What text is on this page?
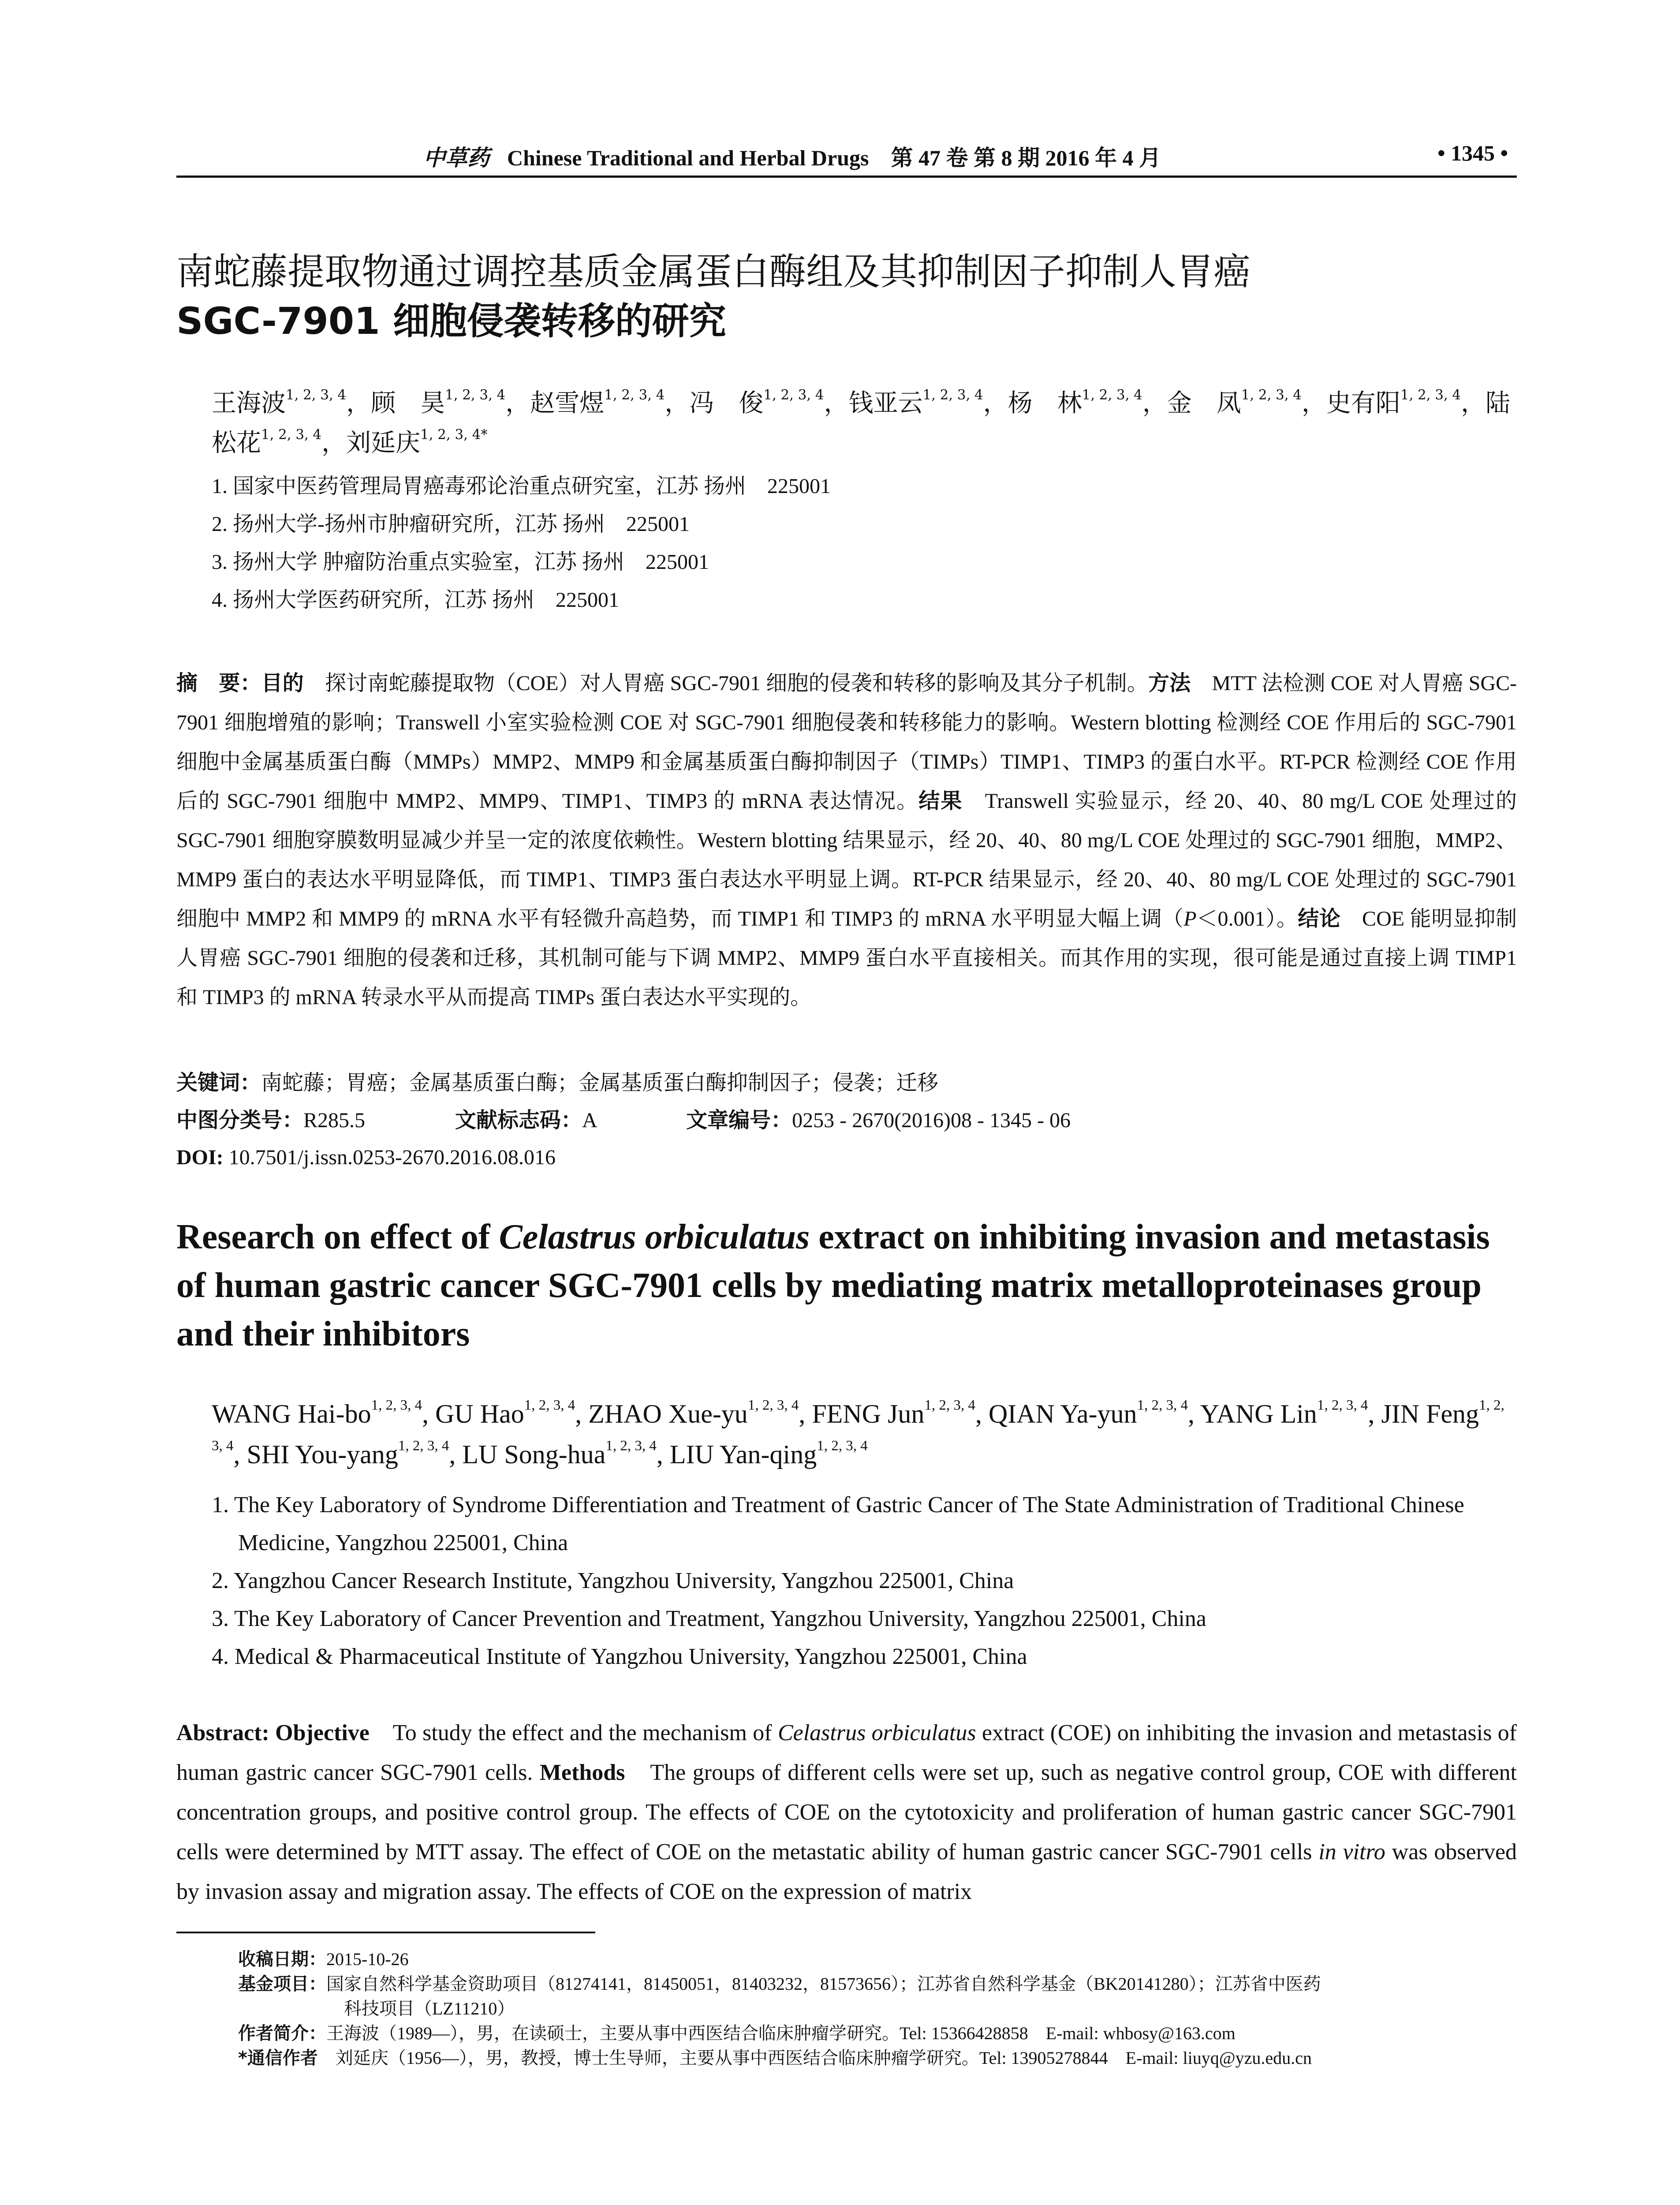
中草药 Chinese Traditional and Herbal Drugs　第 47 卷 第 8 期 2016 年 4 月	• 1345 •
南蛇藤提取物通过调控基质金属蛋白酶组及其抑制因子抑制人胃癌
SGC-7901 细胞侵袭转移的研究
王海波$^{1, 2, 3, 4}$，顾　昊$^{1, 2, 3, 4}$，赵雪煜$^{1, 2, 3, 4}$，冯　俊$^{1, 2, 3, 4}$，钱亚云$^{1, 2, 3, 4}$，杨　林$^{1, 2, 3, 4}$，金　凤$^{1, 2, 3, 4}$，史有阳$^{1, 2, 3, 4}$，陆松花$^{1, 2, 3, 4}$，刘延庆$^{1, 2, 3, 4*}$
1. 国家中医药管理局胃癌毒邪论治重点研究室，江苏 扬州　225001
2. 扬州大学-扬州市肿瘤研究所，江苏 扬州　225001
3. 扬州大学 肿瘤防治重点实验室，江苏 扬州　225001
4. 扬州大学医药研究所，江苏 扬州　225001
摘　要：目的　探讨南蛇藤提取物（COE）对人胃癌 SGC-7901 细胞的侵袭和转移的影响及其分子机制。方法　MTT 法检测 COE 对人胃癌 SGC-7901 细胞增殖的影响；Transwell 小室实验检测 COE 对 SGC-7901 细胞侵袭和转移能力的影响。Western blotting 检测经 COE 作用后的 SGC-7901 细胞中金属基质蛋白酶（MMPs）MMP2、MMP9 和金属基质蛋白酶抑制因子（TIMPs）TIMP1、TIMP3 的蛋白水平。RT-PCR 检测经 COE 作用后的 SGC-7901 细胞中 MMP2、MMP9、TIMP1、TIMP3 的 mRNA 表达情况。结果　Transwell 实验显示，经 20、40、80 mg/L COE 处理过的 SGC-7901 细胞穿膜数明显减少并呈一定的浓度依赖性。Western blotting 结果显示，经 20、40、80 mg/L COE 处理过的 SGC-7901 细胞，MMP2、MMP9 蛋白的表达水平明显降低，而 TIMP1、TIMP3 蛋白表达水平明显上调。RT-PCR 结果显示，经 20、40、80 mg/L COE 处理过的 SGC-7901 细胞中 MMP2 和 MMP9 的 mRNA 水平有轻微升高趋势，而 TIMP1 和 TIMP3 的 mRNA 水平明显大幅上调（P＜0.001）。结论　COE 能明显抑制人胃癌 SGC-7901 细胞的侵袭和迁移，其机制可能与下调 MMP2、MMP9 蛋白水平直接相关。而其作用的实现，很可能是通过直接上调 TIMP1 和 TIMP3 的 mRNA 转录水平从而提高 TIMPs 蛋白表达水平实现的。
关键词：南蛇藤；胃癌；金属基质蛋白酶；金属基质蛋白酶抑制因子；侵袭；迁移
中图分类号：R285.5	文献标志码：A	文章编号：0253 - 2670(2016)08 - 1345 - 06
DOI: 10.7501/j.issn.0253-2670.2016.08.016
Research on effect of Celastrus orbiculatus extract on inhibiting invasion and metastasis of human gastric cancer SGC-7901 cells by mediating matrix metalloproteinases group and their inhibitors
WANG Hai-bo$^{1, 2, 3, 4}$, GU Hao$^{1, 2, 3, 4}$, ZHAO Xue-yu$^{1, 2, 3, 4}$, FENG Jun$^{1, 2, 3, 4}$, QIAN Ya-yun$^{1, 2, 3, 4}$, YANG Lin$^{1, 2, 3, 4}$, JIN Feng$^{1, 2, 3, 4}$, SHI You-yang$^{1, 2, 3, 4}$, LU Song-hua$^{1, 2, 3, 4}$, LIU Yan-qing$^{1, 2, 3, 4}$
1. The Key Laboratory of Syndrome Differentiation and Treatment of Gastric Cancer of The State Administration of Traditional Chinese Medicine, Yangzhou 225001, China
2. Yangzhou Cancer Research Institute, Yangzhou University, Yangzhou 225001, China
3. The Key Laboratory of Cancer Prevention and Treatment, Yangzhou University, Yangzhou 225001, China
4. Medical & Pharmaceutical Institute of Yangzhou University, Yangzhou 225001, China
Abstract: Objective　To study the effect and the mechanism of Celastrus orbiculatus extract (COE) on inhibiting the invasion and metastasis of human gastric cancer SGC-7901 cells. Methods　The groups of different cells were set up, such as negative control group, COE with different concentration groups, and positive control group. The effects of COE on the cytotoxicity and proliferation of human gastric cancer SGC-7901 cells were determined by MTT assay. The effect of COE on the metastatic ability of human gastric cancer SGC-7901 cells in vitro was observed by invasion assay and migration assay. The effects of COE on the expression of matrix
收稿日期：2015-10-26
基金项目：国家自然科学基金资助项目（81274141，81450051，81403232，81573656）；江苏省自然科学基金（BK20141280）；江苏省中医药
科技项目（LZ11210）
作者简介：王海波（1989—），男，在读硕士，主要从事中西医结合临床肿瘤学研究。Tel: 15366428858　E-mail: whbosy@163.com
*通信作者　刘延庆（1956—），男，教授，博士生导师，主要从事中西医结合临床肿瘤学研究。Tel: 13905278844　E-mail: liuyq@yzu.edu.cn
